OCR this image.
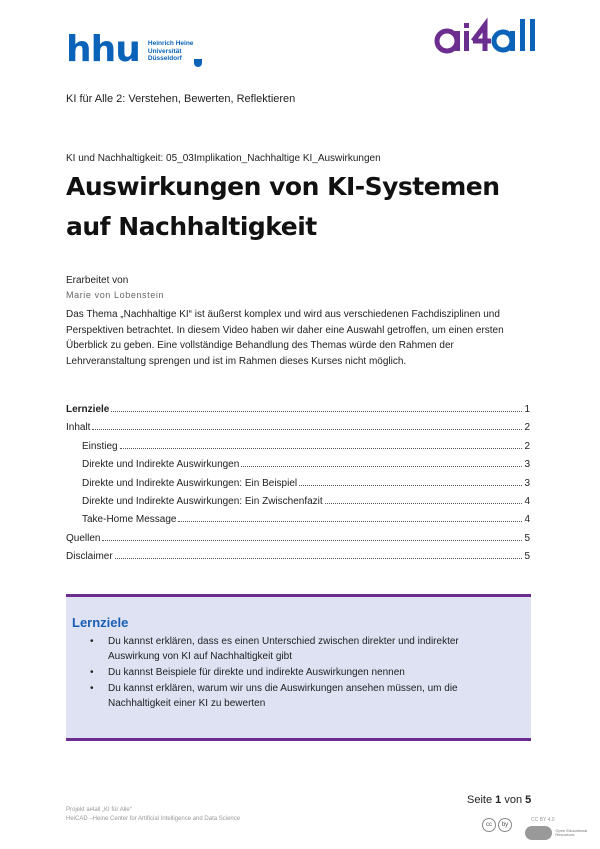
hhu Heinrich Heine
Universität
Düsseldorf
ai4all
KI für Alle 2: Verstehen, Bewerten, Reflektieren
KI und Nachhaltigkeit: 05_03Implikation_Nachhaltige KI_Auswirkungen
Auswirkungen von KI-Systemen auf Nachhaltigkeit
Erarbeitet von
Marie von Lobenstein

Das Thema „Nachhaltige KI“ ist äußerst komplex und wird aus verschiedenen Fachdisziplinen und Perspektiven betrachtet. In diesem Video haben wir daher eine Auswahl getroffen, um einen ersten Überblick zu geben. Eine vollständige Behandlung des Themas würde den Rahmen der Lehrveranstaltung sprengen und ist im Rahmen dieses Kurses nicht möglich.

Lernziele	1
Inhalt	2
Einstieg	2
Direkte und Indirekte Auswirkungen	3
Direkte und Indirekte Auswirkungen: Ein Beispiel	3
Direkte und Indirekte Auswirkungen: Ein Zwischenfazit	4
Take-Home Message	4
Quellen	5
Disclaimer	5
Lernziele
• Du kannst erklären, dass es einen Unterschied zwischen direkter und indirekter Auswirkung von KI auf Nachhaltigkeit gibt
• Du kannst Beispiele für direkte und indirekte Auswirkungen nennen
• Du kannst erklären, warum wir uns die Auswirkungen ansehen müssen, um die Nachhaltigkeit einer KI zu bewerten
Projekt ai4all „KI für Alle“
HeiCAD –Heine Center for Artificial Intelligence and Data Science
Seite 1 von 5
cc	by
CC BY 4.0
Open Educational Resources
